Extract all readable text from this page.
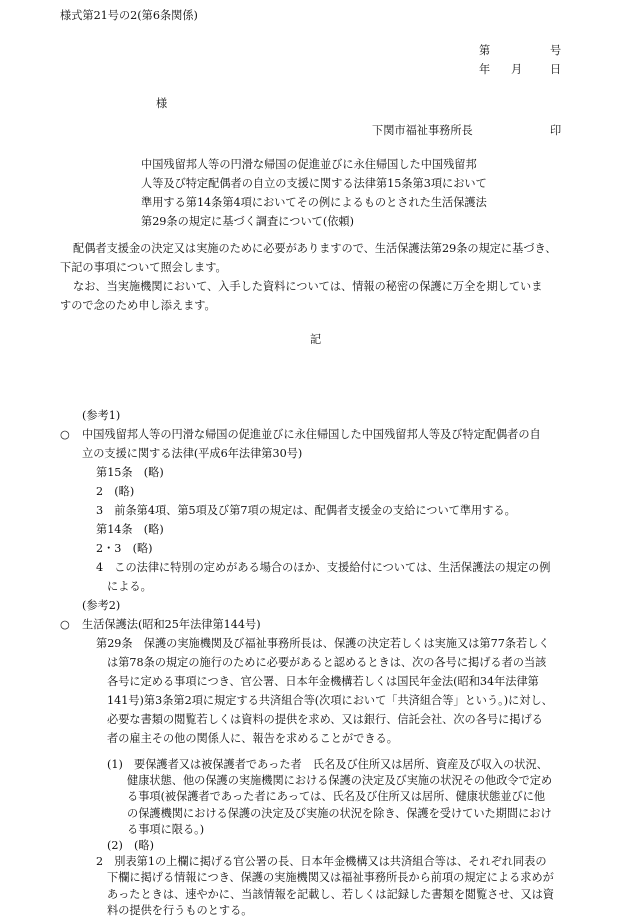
様式第21号の2(第6条関係)
第	号
年 月 日
様
下関市福祉事務所長	印
中国残留邦人等の円滑な帰国の促進並びに永住帰国した中国残留邦
人等及び特定配偶者の自立の支援に関する法律第15条第3項において
準用する第14条第4項においてその例によるものとされた生活保護法
第29条の規定に基づく調査について(依頼)
配偶者支援金の決定又は実施のために必要がありますので、生活保護法第29条の規定に基づき、
下記の事項について照会します。
なお、当実施機関において、入手した資料については、情報の秘密の保護に万全を期していま
すので念のため申し添えます。
記
(参考1)
○ 中国残留邦人等の円滑な帰国の促進並びに永住帰国した中国残留邦人等及び特定配偶者の自
立の支援に関する法律(平成6年法律第30号)
第15条　(略)
2　(略)
3　前条第4項、第5項及び第7項の規定は、配偶者支援金の支給について準用する。
第14条　(略)
2・3　(略)
4　この法律に特別の定めがある場合のほか、支援給付については、生活保護法の規定の例
による。
(参考2)
○ 生活保護法(昭和25年法律第144号)
第29条　保護の実施機関及び福祉事務所長は、保護の決定若しくは実施又は第77条若しく
は第78条の規定の施行のために必要があると認めるときは、次の各号に掲げる者の当該
各号に定める事項につき、官公署、日本年金機構若しくは国民年金法(昭和34年法律第
141号)第3条第2項に規定する共済組合等(次項において「共済組合等」という。)に対し、
必要な書類の閲覧若しくは資料の提供を求め、又は銀行、信託会社、次の各号に掲げる
者の雇主その他の関係人に、報告を求めることができる。
(1)　要保護者又は被保護者であった者　氏名及び住所又は居所、資産及び収入の状況、
健康状態、他の保護の実施機関における保護の決定及び実施の状況その他政令で定め
る事項(被保護者であった者にあっては、氏名及び住所又は居所、健康状態並びに他
の保護機関における保護の決定及び実施の状況を除き、保護を受けていた期間におけ
る事項に限る。)
(2)　(略)
2　別表第1の上欄に掲げる官公署の長、日本年金機構又は共済組合等は、それぞれ同表の
下欄に掲げる情報につき、保護の実施機関又は福祉事務所長から前項の規定による求めが
あったときは、速やかに、当該情報を記載し、若しくは記録した書類を閲覧させ、又は資
料の提供を行うものとする。
